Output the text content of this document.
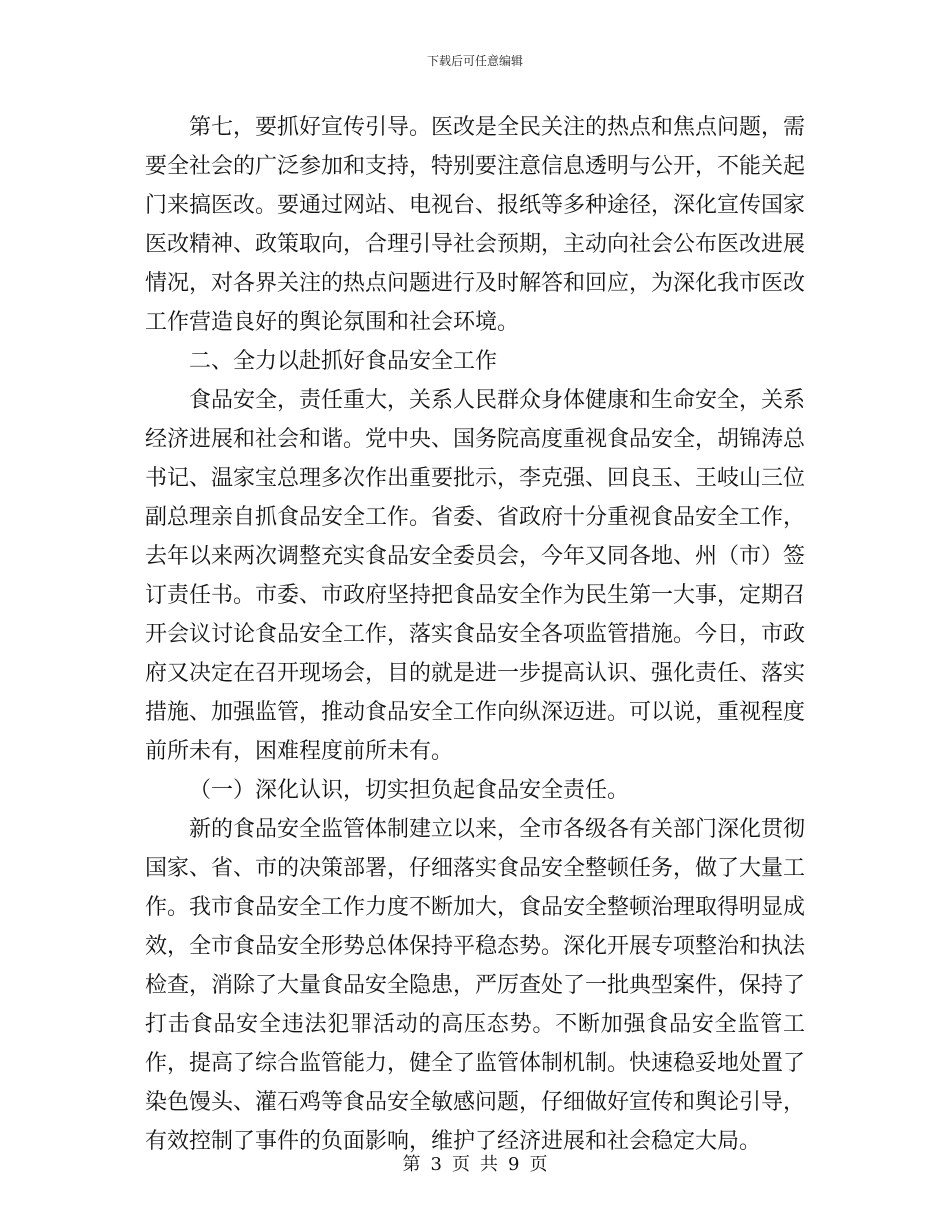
下载后可任意编辑

第七，要抓好宣传引导。医改是全民关注的热点和焦点问题，需要全社会的广泛参加和支持，特别要注意信息透明与公开，不能关起门来搞医改。要通过网站、电视台、报纸等多种途径，深化宣传国家医改精神、政策取向，合理引导社会预期，主动向社会公布医改进展情况，对各界关注的热点问题进行及时解答和回应，为深化我市医改工作营造良好的舆论氛围和社会环境。

二、全力以赴抓好食品安全工作

食品安全，责任重大，关系人民群众身体健康和生命安全，关系经济进展和社会和谐。党中央、国务院高度重视食品安全，胡锦涛总书记、温家宝总理多次作出重要批示，李克强、回良玉、王岐山三位副总理亲自抓食品安全工作。省委、省政府十分重视食品安全工作，去年以来两次调整充实食品安全委员会，今年又同各地、州（市）签订责任书。市委、市政府坚持把食品安全作为民生第一大事，定期召开会议讨论食品安全工作，落实食品安全各项监管措施。今日，市政府又决定在召开现场会，目的就是进一步提高认识、强化责任、落实措施、加强监管，推动食品安全工作向纵深迈进。可以说，重视程度前所未有，困难程度前所未有。

（一）深化认识，切实担负起食品安全责任。

新的食品安全监管体制建立以来，全市各级各有关部门深化贯彻国家、省、市的决策部署，仔细落实食品安全整顿任务，做了大量工作。我市食品安全工作力度不断加大，食品安全整顿治理取得明显成效，全市食品安全形势总体保持平稳态势。深化开展专项整治和执法检查，消除了大量食品安全隐患，严厉查处了一批典型案件，保持了打击食品安全违法犯罪活动的高压态势。不断加强食品安全监管工作，提高了综合监管能力，健全了监管体制机制。快速稳妥地处置了染色馒头、灌石鸡等食品安全敏感问题，仔细做好宣传和舆论引导，有效控制了事件的负面影响，维护了经济进展和社会稳定大局。

第 3 页 共 9 页
